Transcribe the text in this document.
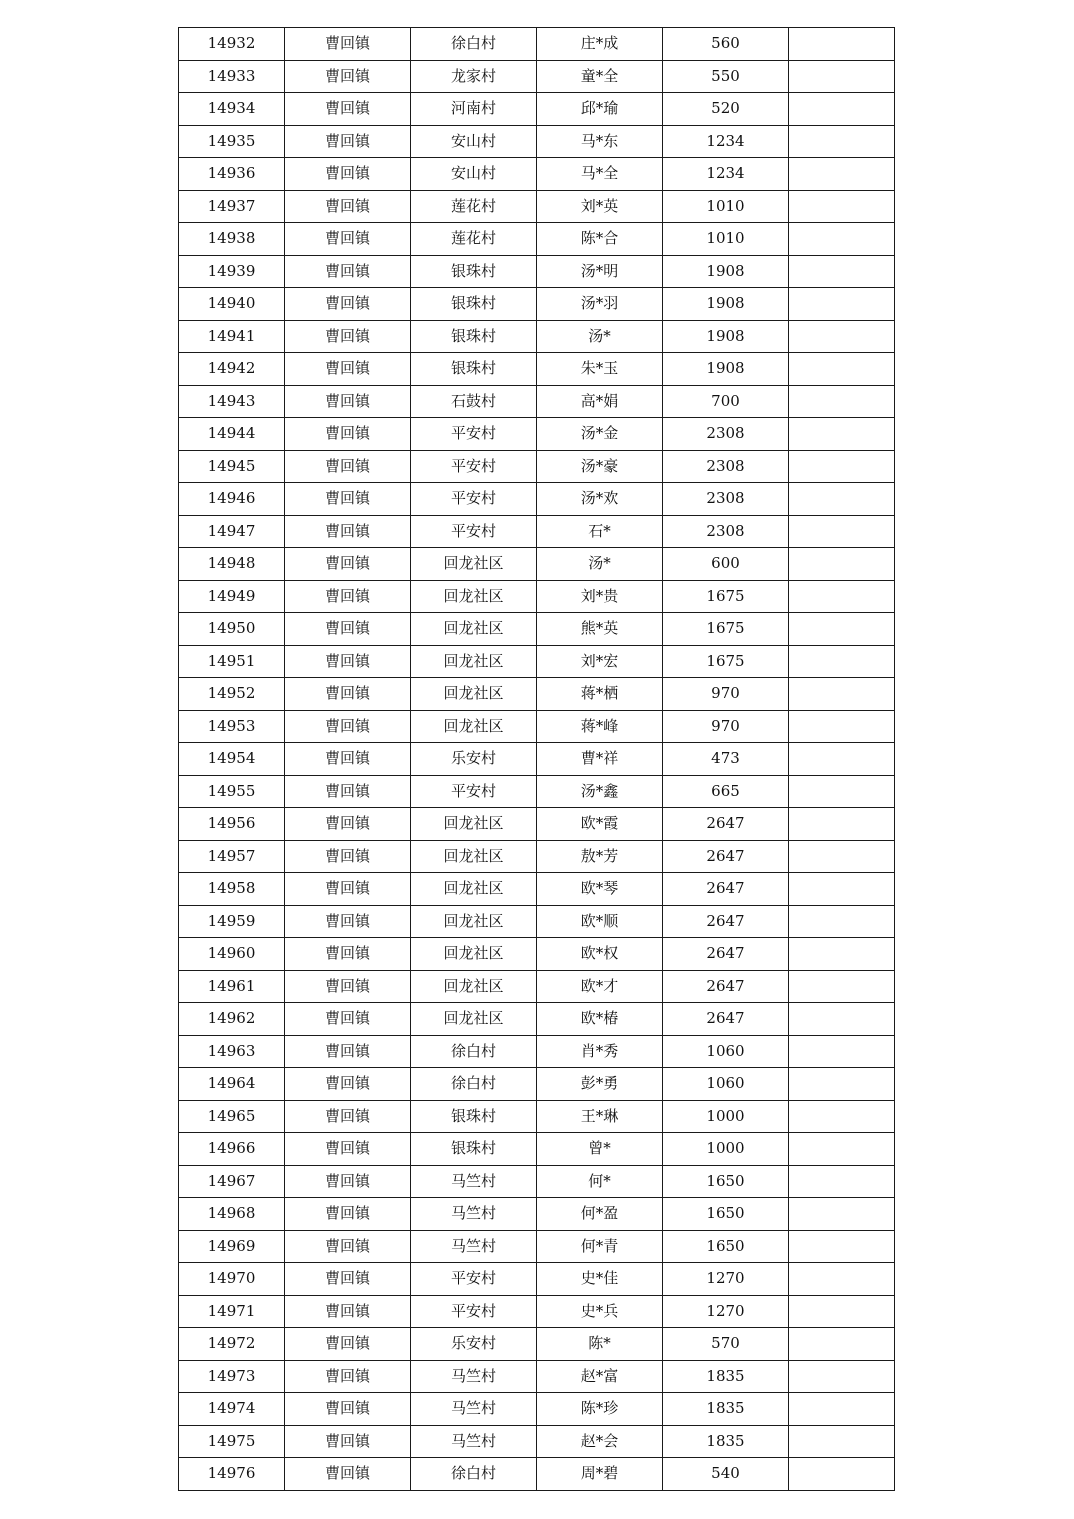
14932	曹回镇	徐白村	庄*成	560	
14933	曹回镇	龙家村	童*全	550	
14934	曹回镇	河南村	邱*瑜	520	
14935	曹回镇	安山村	马*东	1234	
14936	曹回镇	安山村	马*全	1234	
14937	曹回镇	莲花村	刘*英	1010	
14938	曹回镇	莲花村	陈*合	1010	
14939	曹回镇	银珠村	汤*明	1908	
14940	曹回镇	银珠村	汤*羽	1908	
14941	曹回镇	银珠村	汤*	1908	
14942	曹回镇	银珠村	朱*玉	1908	
14943	曹回镇	石鼓村	高*娟	700	
14944	曹回镇	平安村	汤*金	2308	
14945	曹回镇	平安村	汤*豪	2308	
14946	曹回镇	平安村	汤*欢	2308	
14947	曹回镇	平安村	石*	2308	
14948	曹回镇	回龙社区	汤*	600	
14949	曹回镇	回龙社区	刘*贵	1675	
14950	曹回镇	回龙社区	熊*英	1675	
14951	曹回镇	回龙社区	刘*宏	1675	
14952	曹回镇	回龙社区	蒋*栖	970	
14953	曹回镇	回龙社区	蒋*峰	970	
14954	曹回镇	乐安村	曹*祥	473	
14955	曹回镇	平安村	汤*鑫	665	
14956	曹回镇	回龙社区	欧*霞	2647	
14957	曹回镇	回龙社区	敖*芳	2647	
14958	曹回镇	回龙社区	欧*琴	2647	
14959	曹回镇	回龙社区	欧*顺	2647	
14960	曹回镇	回龙社区	欧*权	2647	
14961	曹回镇	回龙社区	欧*才	2647	
14962	曹回镇	回龙社区	欧*椿	2647	
14963	曹回镇	徐白村	肖*秀	1060	
14964	曹回镇	徐白村	彭*勇	1060	
14965	曹回镇	银珠村	王*琳	1000	
14966	曹回镇	银珠村	曾*	1000	
14967	曹回镇	马竺村	何*	1650	
14968	曹回镇	马竺村	何*盈	1650	
14969	曹回镇	马竺村	何*青	1650	
14970	曹回镇	平安村	史*佳	1270	
14971	曹回镇	平安村	史*兵	1270	
14972	曹回镇	乐安村	陈*	570	
14973	曹回镇	马竺村	赵*富	1835	
14974	曹回镇	马竺村	陈*珍	1835	
14975	曹回镇	马竺村	赵*会	1835	
14976	曹回镇	徐白村	周*碧	540	
